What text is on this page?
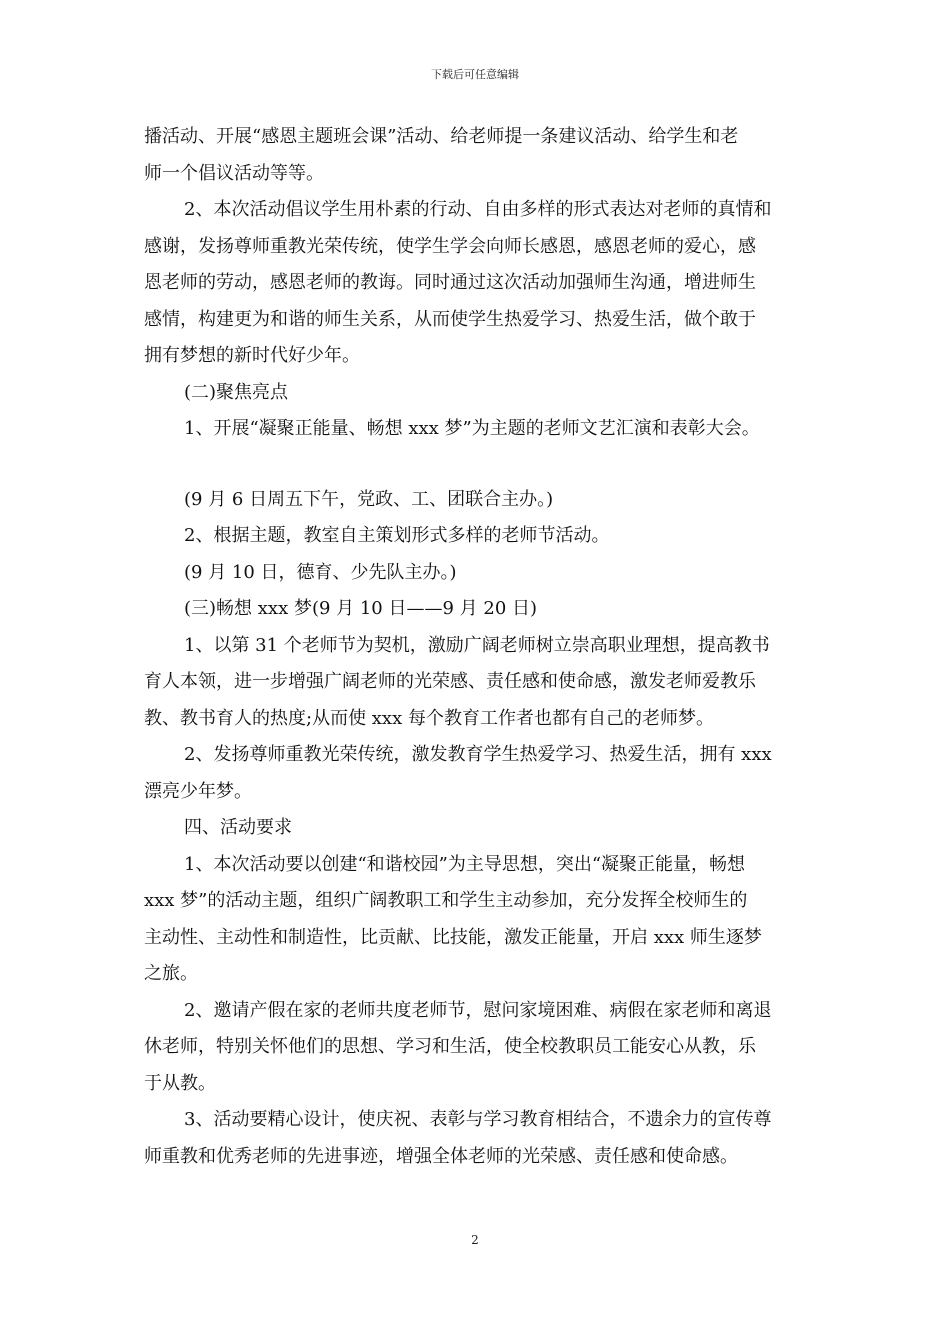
下载后可任意编辑

播活动、开展“感恩主题班会课”活动、给老师提一条建议活动、给学生和老

师一个倡议活动等等。

2、本次活动倡议学生用朴素的行动、自由多样的形式表达对老师的真情和

感谢，发扬尊师重教光荣传统，使学生学会向师长感恩，感恩老师的爱心，感

恩老师的劳动，感恩老师的教诲。同时通过这次活动加强师生沟通，增进师生

感情，构建更为和谐的师生关系，从而使学生热爱学习、热爱生活，做个敢于

拥有梦想的新时代好少年。

(二)聚焦亮点

1、开展“凝聚正能量、畅想 xxx 梦”为主题的老师文艺汇演和表彰大会。

(9 月 6 日周五下午，党政、工、团联合主办。)

2、根据主题，教室自主策划形式多样的老师节活动。

(9 月 10 日，德育、少先队主办。)

(三)畅想 xxx 梦(9 月 10 日——9 月 20 日)

1、以第 31 个老师节为契机，激励广阔老师树立崇高职业理想，提高教书

育人本领，进一步增强广阔老师的光荣感、责任感和使命感，激发老师爱教乐

教、教书育人的热度;从而使 xxx 每个教育工作者也都有自己的老师梦。

2、发扬尊师重教光荣传统，激发教育学生热爱学习、热爱生活，拥有 xxx

漂亮少年梦。

四、活动要求

1、本次活动要以创建“和谐校园”为主导思想，突出“凝聚正能量，畅想

xxx 梦”的活动主题，组织广阔教职工和学生主动参加，充分发挥全校师生的

主动性、主动性和制造性，比贡献、比技能，激发正能量，开启 xxx 师生逐梦

之旅。

2、邀请产假在家的老师共度老师节，慰问家境困难、病假在家老师和离退

休老师，特别关怀他们的思想、学习和生活，使全校教职员工能安心从教，乐

于从教。

3、活动要精心设计，使庆祝、表彰与学习教育相结合，不遗余力的宣传尊

师重教和优秀老师的先进事迹，增强全体老师的光荣感、责任感和使命感。

2
